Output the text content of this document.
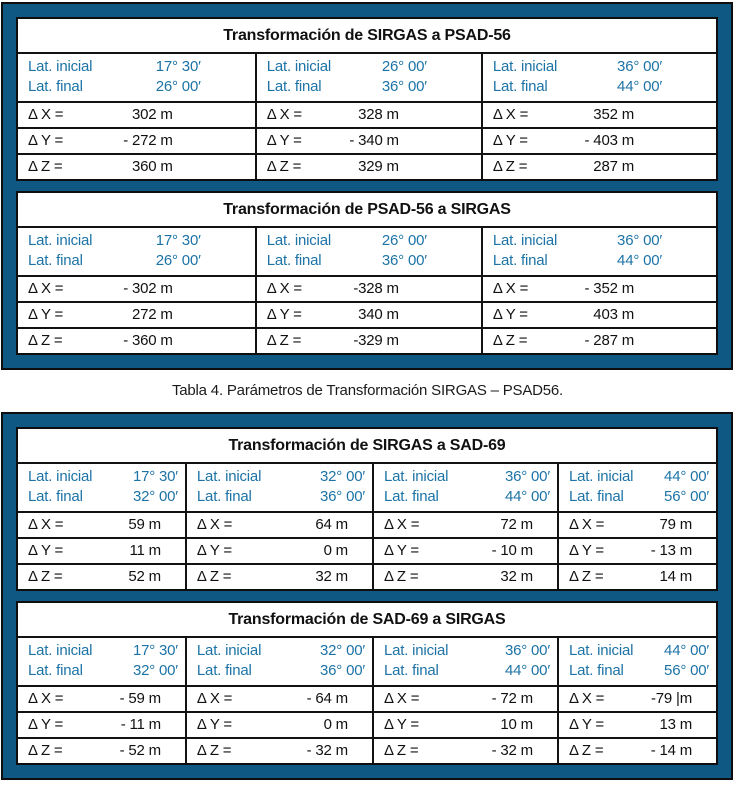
Transformación de SIRGAS a PSAD-56
Lat. inicial	17° 30′
Lat. final	26° 00′
Lat. inicial	26° 00′
Lat. final	36° 00′
Lat. inicial	36° 00′
Lat. final	44° 00′
Δ X =	302 m	Δ X =	328 m	Δ X =	352 m
Δ Y =	- 272 m	Δ Y =	- 340 m	Δ Y =	- 403 m
Δ Z =	360 m	Δ Z =	329 m	Δ Z =	287 m
Transformación de PSAD-56 a SIRGAS
Lat. inicial	17° 30′
Lat. final	26° 00′
Lat. inicial	26° 00′
Lat. final	36° 00′
Lat. inicial	36° 00′
Lat. final	44° 00′
Δ X =	- 302 m	Δ X =	-328 m	Δ X =	- 352 m
Δ Y =	272 m	Δ Y =	340 m	Δ Y =	403 m
Δ Z =	- 360 m	Δ Z =	-329 m	Δ Z =	- 287 m
Tabla 4. Parámetros de Transformación SIRGAS – PSAD56.
Transformación de SIRGAS a SAD-69
Lat. inicial	17° 30′
Lat. final	32° 00′
Lat. inicial	32° 00′
Lat. final	36° 00′
Lat. inicial	36° 00′
Lat. final	44° 00′
Lat. inicial 44° 00′
Lat. final	56° 00′
Δ X =	59 m Δ X =	64 m Δ X =	72 m Δ X =	79 m
Δ Y =	11 m Δ Y =	0 m Δ Y =	- 10 m Δ Y =	- 13 m
Δ Z =	52 m Δ Z =	32 m Δ Z =	32 m Δ Z =	14 m
Transformación de SAD-69 a SIRGAS
Lat. inicial	17° 30′
Lat. final	32° 00′
Lat. inicial	32° 00′
Lat. final	36° 00′
Lat. inicial	36° 00′
Lat. final	44° 00′
Lat. inicial 44° 00′
Lat. final	56° 00′
Δ X =	- 59 m Δ X =	- 64 m Δ X =	- 72 m Δ X =	-79 |m
Δ Y =	- 11 m Δ Y =	0 m Δ Y =	10 m Δ Y =	13 m
Δ Z =	- 52 m Δ Z =	- 32 m Δ Z =	- 32 m Δ Z =	- 14 m
